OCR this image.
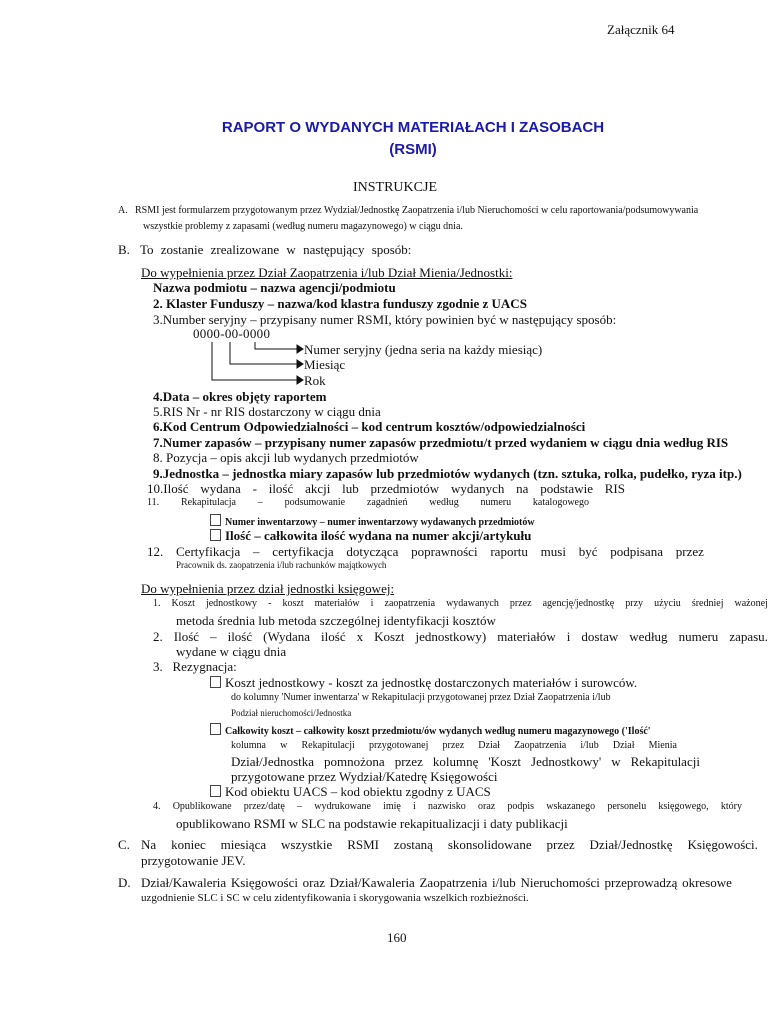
Załącznik 64
RAPORT O WYDANYCH MATERIAŁACH I ZASOBACH
(RSMI)
INSTRUKCJE
A. RSMI jest formularzem przygotowanym przez Wydział/Jednostkę Zaopatrzenia i/lub Nieruchomości w celu raportowania/podsumowywania
wszystkie problemy z zapasami (według numeru magazynowego) w ciągu dnia.
B. To zostanie zrealizowane w następujący sposób:
Do wypełnienia przez Dział Zaopatrzenia i/lub Dział Mienia/Jednostki:
Nazwa podmiotu – nazwa agencji/podmiotu
2. Klaster Funduszy – nazwa/kod klastra funduszy zgodnie z UACS
3.Number seryjny – przypisany numer RSMI, który powinien być w następujący sposób:
0000-00-0000
Numer seryjny (jedna seria na każdy miesiąc)
Miesiąc
Rok
4.Data – okres objęty raportem
5.RIS Nr - nr RIS dostarczony w ciągu dnia
6.Kod Centrum Odpowiedzialności – kod centrum kosztów/odpowiedzialności
7.Numer zapasów – przypisany numer zapasów przedmiotu/t przed wydaniem w ciągu dnia według RIS
8. Pozycja – opis akcji lub wydanych przedmiotów
9.Jednostka – jednostka miary zapasów lub przedmiotów wydanych (tzn. sztuka, rolka, pudełko, ryza itp.)
10.Ilość wydana - ilość akcji lub przedmiotów wydanych na podstawie RIS
11. Rekapitulacja – podsumowanie zagadnień według numeru katalogowego
Numer inwentarzowy – numer inwentarzowy wydawanych przedmiotów
Ilość – całkowita ilość wydana na numer akcji/artykułu
12. Certyfikacja – certyfikacja dotycząca poprawności raportu musi być podpisana przez
Pracownik ds. zaopatrzenia i/lub rachunków majątkowych
Do wypełnienia przez dział jednostki księgowej:
1. Koszt jednostkowy - koszt materiałów i zaopatrzenia wydawanych przez agencję/jednostkę przy użyciu średniej ważonej
metoda średnia lub metoda szczególnej identyfikacji kosztów
2. Ilość – ilość (Wydana ilość x Koszt jednostkowy) materiałów i dostaw według numeru zapasu.
wydane w ciągu dnia
3.   Rezygnacja:
Koszt jednostkowy - koszt za jednostkę dostarczonych materiałów i surowców.
do kolumny 'Numer inwentarza' w Rekapitulacji przygotowanej przez Dział Zaopatrzenia i/lub
Podział nieruchomości/Jednostka
Całkowity koszt – całkowity koszt przedmiotu/ów wydanych według numeru magazynowego ('Ilość'
kolumna w Rekapitulacji przygotowanej przez Dział Zaopatrzenia i/lub Dział Mienia
Dział/Jednostka pomnożona przez kolumnę 'Koszt Jednostkowy' w Rekapitulacji
przygotowane przez Wydział/Katedrę Księgowości
Kod obiektu UACS – kod obiektu zgodny z UACS
4. Opublikowane przez/datę – wydrukowane imię i nazwisko oraz podpis wskazanego personelu księgowego, który
opublikowano RSMI w SLC na podstawie rekapitualizacji i daty publikacji
C. Na koniec miesiąca wszystkie RSMI zostaną skonsolidowane przez Dział/Jednostkę Księgowości.
przygotowanie JEV.
D. Dział/Kawaleria Księgowości oraz Dział/Kawaleria Zaopatrzenia i/lub Nieruchomości przeprowadzą okresowe
uzgodnienie SLC i SC w celu zidentyfikowania i skorygowania wszelkich rozbieżności.
160
